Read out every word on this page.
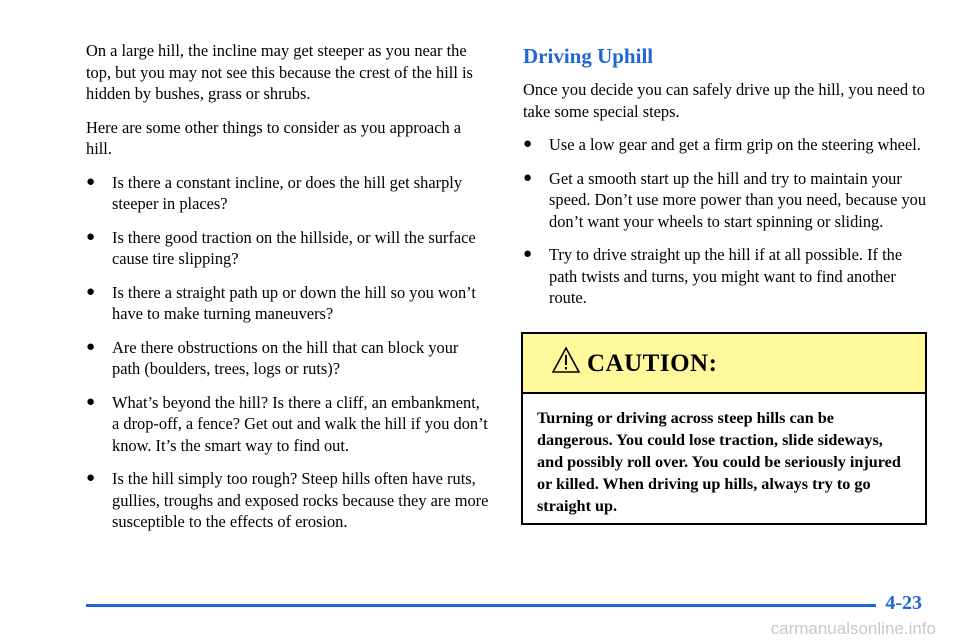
On a large hill, the incline may get steeper as you near the top, but you may not see this because the crest of the hill is hidden by bushes, grass or shrubs.

Here are some other things to consider as you approach a hill.

● Is there a constant incline, or does the hill get sharply steeper in places?
● Is there good traction on the hillside, or will the surface cause tire slipping?
● Is there a straight path up or down the hill so you won’t have to make turning maneuvers?
● Are there obstructions on the hill that can block your path (boulders, trees, logs or ruts)?
● What’s beyond the hill? Is there a cliff, an embankment, a drop‑off, a fence? Get out and walk the hill if you don’t know. It’s the smart way to find out.
● Is the hill simply too rough? Steep hills often have ruts, gullies, troughs and exposed rocks because they are more susceptible to the effects of erosion.
Driving Uphill

Once you decide you can safely drive up the hill, you need to take some special steps.

● Use a low gear and get a firm grip on the steering wheel.
● Get a smooth start up the hill and try to maintain your speed. Don’t use more power than you need, because you don’t want your wheels to start spinning or sliding.
● Try to drive straight up the hill if at all possible. If the path twists and turns, you might want to find another route.
CAUTION:
Turning or driving across steep hills can be dangerous. You could lose traction, slide sideways, and possibly roll over. You could be seriously injured or killed. When driving up hills, always try to go straight up.
4-23
carmanualsonline.info
